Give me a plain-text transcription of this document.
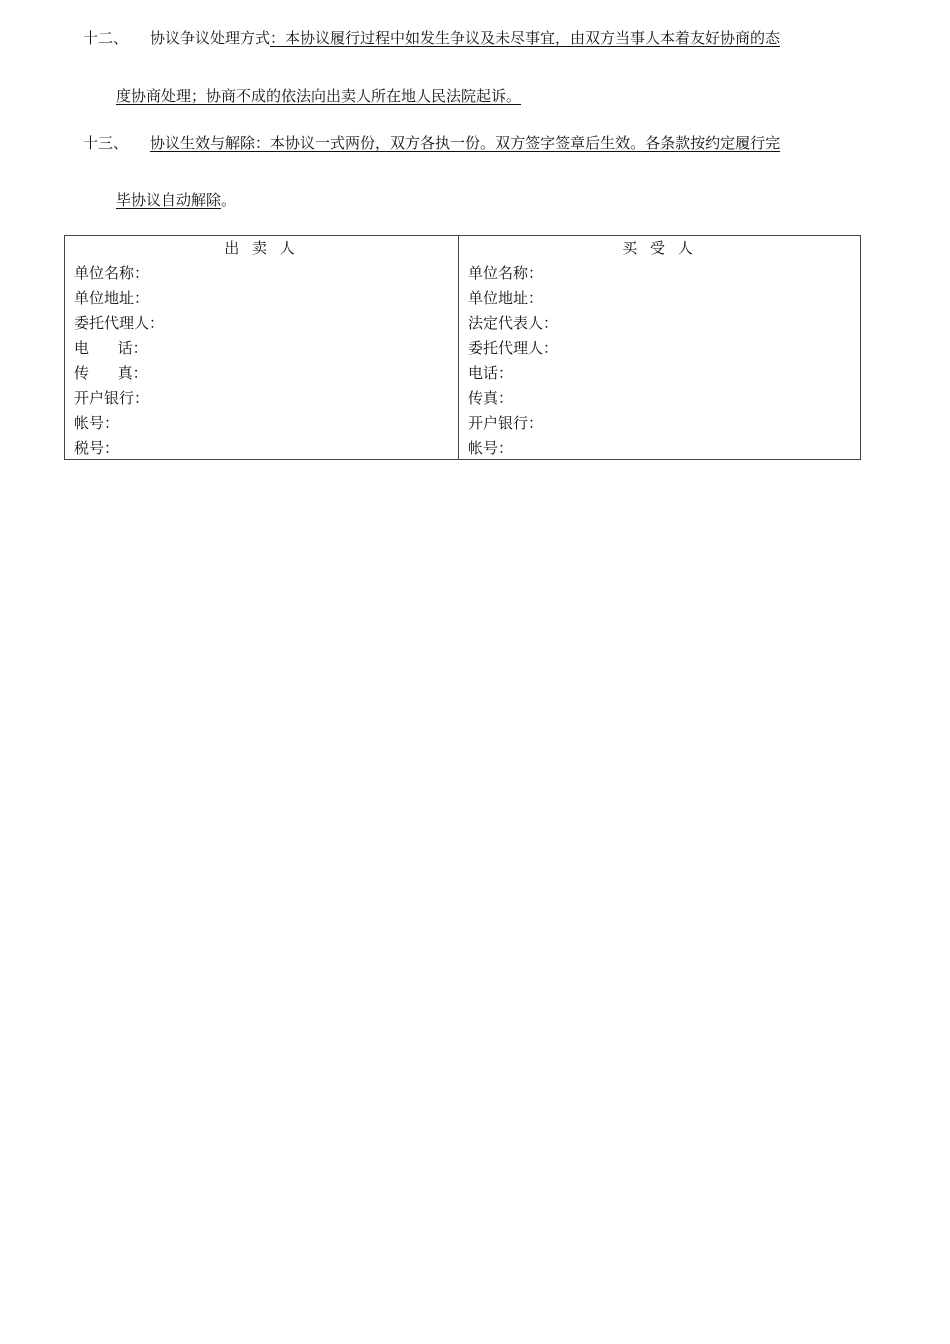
十二、 协议争议处理方式：本协议履行过程中如发生争议及未尽事宜，由双方当事人本着友好协商的态
度协商处理；协商不成的依法向出卖人所在地人民法院起诉。
十三、 协议生效与解除：本协议一式两份，双方各执一份。双方签字签章后生效。各条款按约定履行完
毕协议自动解除。
出 卖 人
单位名称：
单位地址：
委托代理人：
电      话：
传      真：
开户银行：
帐号：
税号：
买 受 人
单位名称：
单位地址：
法定代表人：
委托代理人：
电话：
传真：
开户银行：
帐号：
